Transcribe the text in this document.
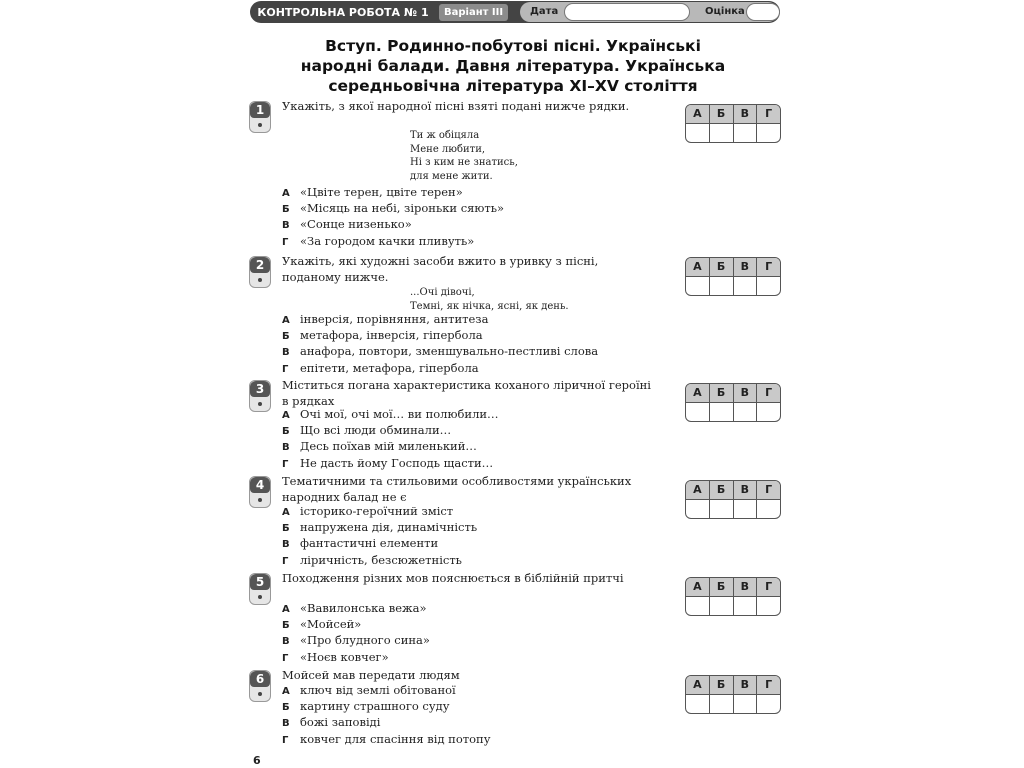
КОНТРОЛЬНА РОБОТА № 1	Варіант III	Дата	Оцінка
Вступ. Родинно-побутові пісні. Українські
народні балади. Давня література. Українська
середньовічна література XI–XV століття
1	Укажіть, з якої народної пісні взяті подані нижче рядки.
Ти ж обіцяла
Мене любити,
Ні з ким не знатись,
для мене жити.
А «Цвіте терен, цвіте терен»
Б «Місяць на небі, зіроньки сяють»
В «Сонце низенько»
Г «За городом качки пливуть»
А	Б	В	Г
2	Укажіть, які художні засоби вжито в уривку з пісні, поданому нижче.
...Очі дівочі,
Темні, як нічка, ясні, як день.
А інверсія, порівняння, антитеза
Б метафора, інверсія, гіпербола
В анафора, повтори, зменшувально-пестливі слова
Г епітети, метафора, гіпербола
А	Б	В	Г
3	Міститься погана характеристика коханого ліричної героїні в рядках
А Очі мої, очі мої… ви полюбили…
Б Що всі люди обминали…
В Десь поїхав мій миленький…
Г Не дасть йому Господь щасти…
А	Б	В	Г
4	Тематичними та стильовими особливостями українських народних балад не є
А історико-героїчний зміст
Б напружена дія, динамічність
В фантастичні елементи
Г ліричність, безсюжетність
А	Б	В	Г
5	Походження різних мов пояснюється в біблійній притчі
А «Вавилонська вежа»
Б «Мойсей»
В «Про блудного сина»
Г «Ноєв ковчег»
А	Б	В	Г
6	Мойсей мав передати людям
А ключ від землі обітованої
Б картину страшного суду
В божі заповіді
Г ковчег для спасіння від потопу
А	Б	В	Г
6
